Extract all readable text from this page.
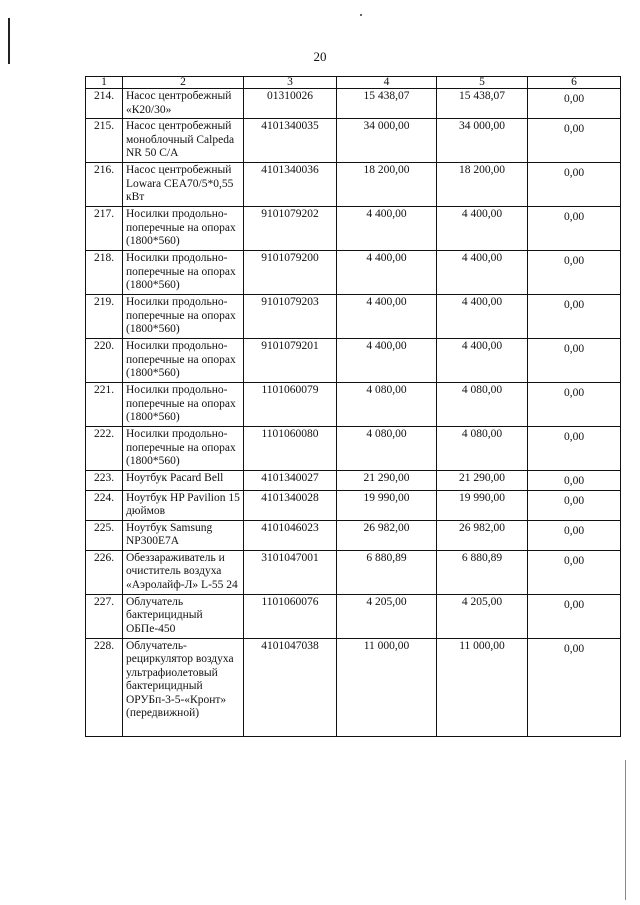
20
1	2	3	4	5	6
214.	Насос центробежный «К20/30»	01310026	15 438,07	15 438,07	0,00
215.	Насос центробежный моноблочный Calpeda NR 50 C/A	4101340035	34 000,00	34 000,00	0,00
216.	Насос центробежный Lowara CEA70/5*0,55 кВт	4101340036	18 200,00	18 200,00	0,00
217.	Носилки продольно-поперечные на опорах (1800*560)	9101079202	4 400,00	4 400,00	0,00
218.	Носилки продольно-поперечные на опорах (1800*560)	9101079200	4 400,00	4 400,00	0,00
219.	Носилки продольно-поперечные на опорах (1800*560)	9101079203	4 400,00	4 400,00	0,00
220.	Носилки продольно-поперечные на опорах (1800*560)	9101079201	4 400,00	4 400,00	0,00
221.	Носилки продольно-поперечные на опорах (1800*560)	1101060079	4 080,00	4 080,00	0,00
222.	Носилки продольно-поперечные на опорах (1800*560)	1101060080	4 080,00	4 080,00	0,00
223.	Ноутбук Pacard Bell	4101340027	21 290,00	21 290,00	0,00
224.	Ноутбук HP Pavilion 15 дюймов	4101340028	19 990,00	19 990,00	0,00
225.	Ноутбук Samsung NP300E7A	4101046023	26 982,00	26 982,00	0,00
226.	Обеззараживатель и очиститель воздуха «Аэролайф-Л» L-55 24	3101047001	6 880,89	6 880,89	0,00
227.	Облучатель бактерицидный ОБПе-450	1101060076	4 205,00	4 205,00	0,00
228.	Облучатель-рециркулятор воздуха ультрафиолетовый бактерицидный ОРУБп-3-5-«Кронт» (передвижной)	4101047038	11 000,00	11 000,00	0,00
